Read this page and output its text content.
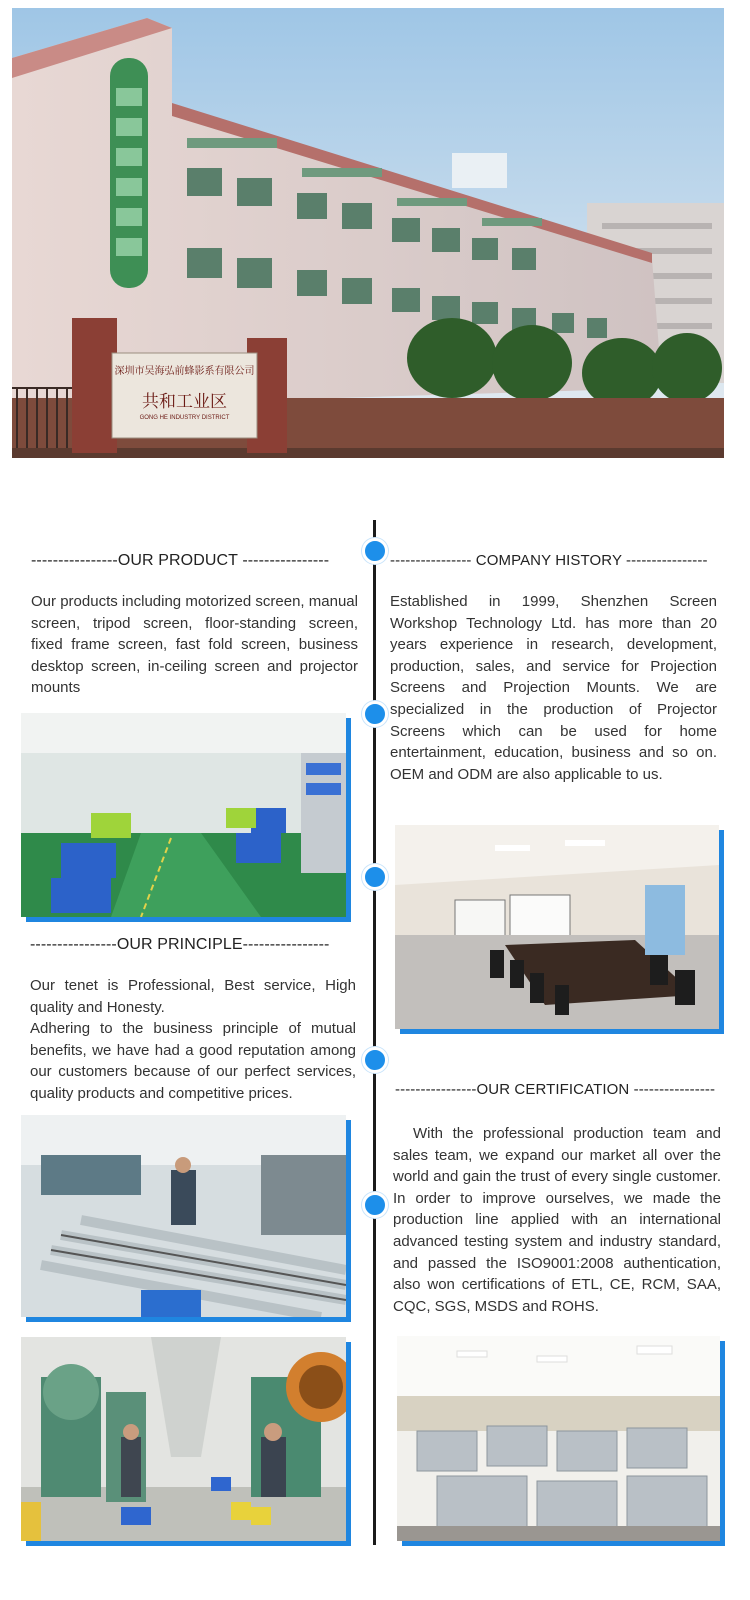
深圳市吴海弘前蜂影系有限公司
共和工业区
GONG HE INDUSTRY DISTRICT
----------------OUR PRODUCT ----------------
Our products including motorized screen, manual screen, tripod screen, floor-standing screen, fixed frame screen, fast fold screen, business desktop screen, in-ceiling screen and projector mounts
---------------- COMPANY HISTORY ----------------
Established in 1999, Shenzhen Screen Workshop Technology Ltd. has more than 20 years experience in research, development, production, sales, and service for Projection Screens and Projection Mounts. We are specialized in the production of Projector Screens which can be used for home entertainment, education, business and so on. OEM and ODM are also applicable to us.
----------------OUR PRINCIPLE----------------

Our tenet is Professional, Best service, High quality and Honesty.

Adhering to the business principle of mutual benefits, we have had a good reputation among our customers because of our perfect services, quality products and competitive prices.	----------------OUR CERTIFICATION ----------------
With the professional production team and sales team, we expand our market all over the world and gain the trust of every single customer. In order to improve ourselves, we made the production line applied with an international advanced testing system and industry standard, and passed the ISO9001:2008 authentication, also won certifications of ETL, CE, RCM, SAA, CQC, SGS, MSDS and ROHS.
